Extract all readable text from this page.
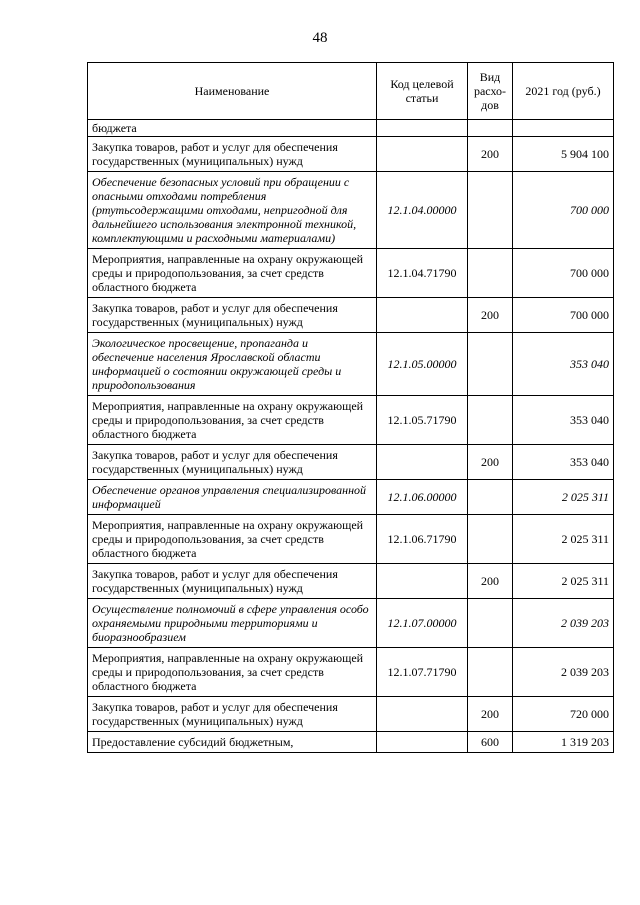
48
Наименование	Код целевой статьи	Вид расхо-дов	2021 год (руб.)
бюджета			
Закупка товаров, работ и услуг для обеспечения государственных (муниципальных) нужд		200	5 904 100
Обеспечение безопасных условий при обращении с опасными отходами потребления (ртутьсодержащими отходами, непригодной для дальнейшего использования электронной техникой, комплектующими и расходными материалами)	12.1.04.00000		700 000
Мероприятия, направленные на охрану окружающей среды и природопользования, за счет средств областного бюджета	12.1.04.71790		700 000
Закупка товаров, работ и услуг для обеспечения государственных (муниципальных) нужд		200	700 000
Экологическое просвещение, пропаганда и обеспечение населения Ярославской области информацией о состоянии окружающей среды и природопользования	12.1.05.00000		353 040
Мероприятия, направленные на охрану окружающей среды и природопользования, за счет средств областного бюджета	12.1.05.71790		353 040
Закупка товаров, работ и услуг для обеспечения государственных (муниципальных) нужд		200	353 040
Обеспечение органов управления специализированной информацией	12.1.06.00000		2 025 311
Мероприятия, направленные на охрану окружающей среды и природопользования, за счет средств областного бюджета	12.1.06.71790		2 025 311
Закупка товаров, работ и услуг для обеспечения государственных (муниципальных) нужд		200	2 025 311
Осуществление полномочий в сфере управления особо охраняемыми природными территориями и биоразнообразием	12.1.07.00000		2 039 203
Мероприятия, направленные на охрану окружающей среды и природопользования, за счет средств областного бюджета	12.1.07.71790		2 039 203
Закупка товаров, работ и услуг для обеспечения государственных (муниципальных) нужд		200	720 000
Предоставление субсидий бюджетным,		600	1 319 203
